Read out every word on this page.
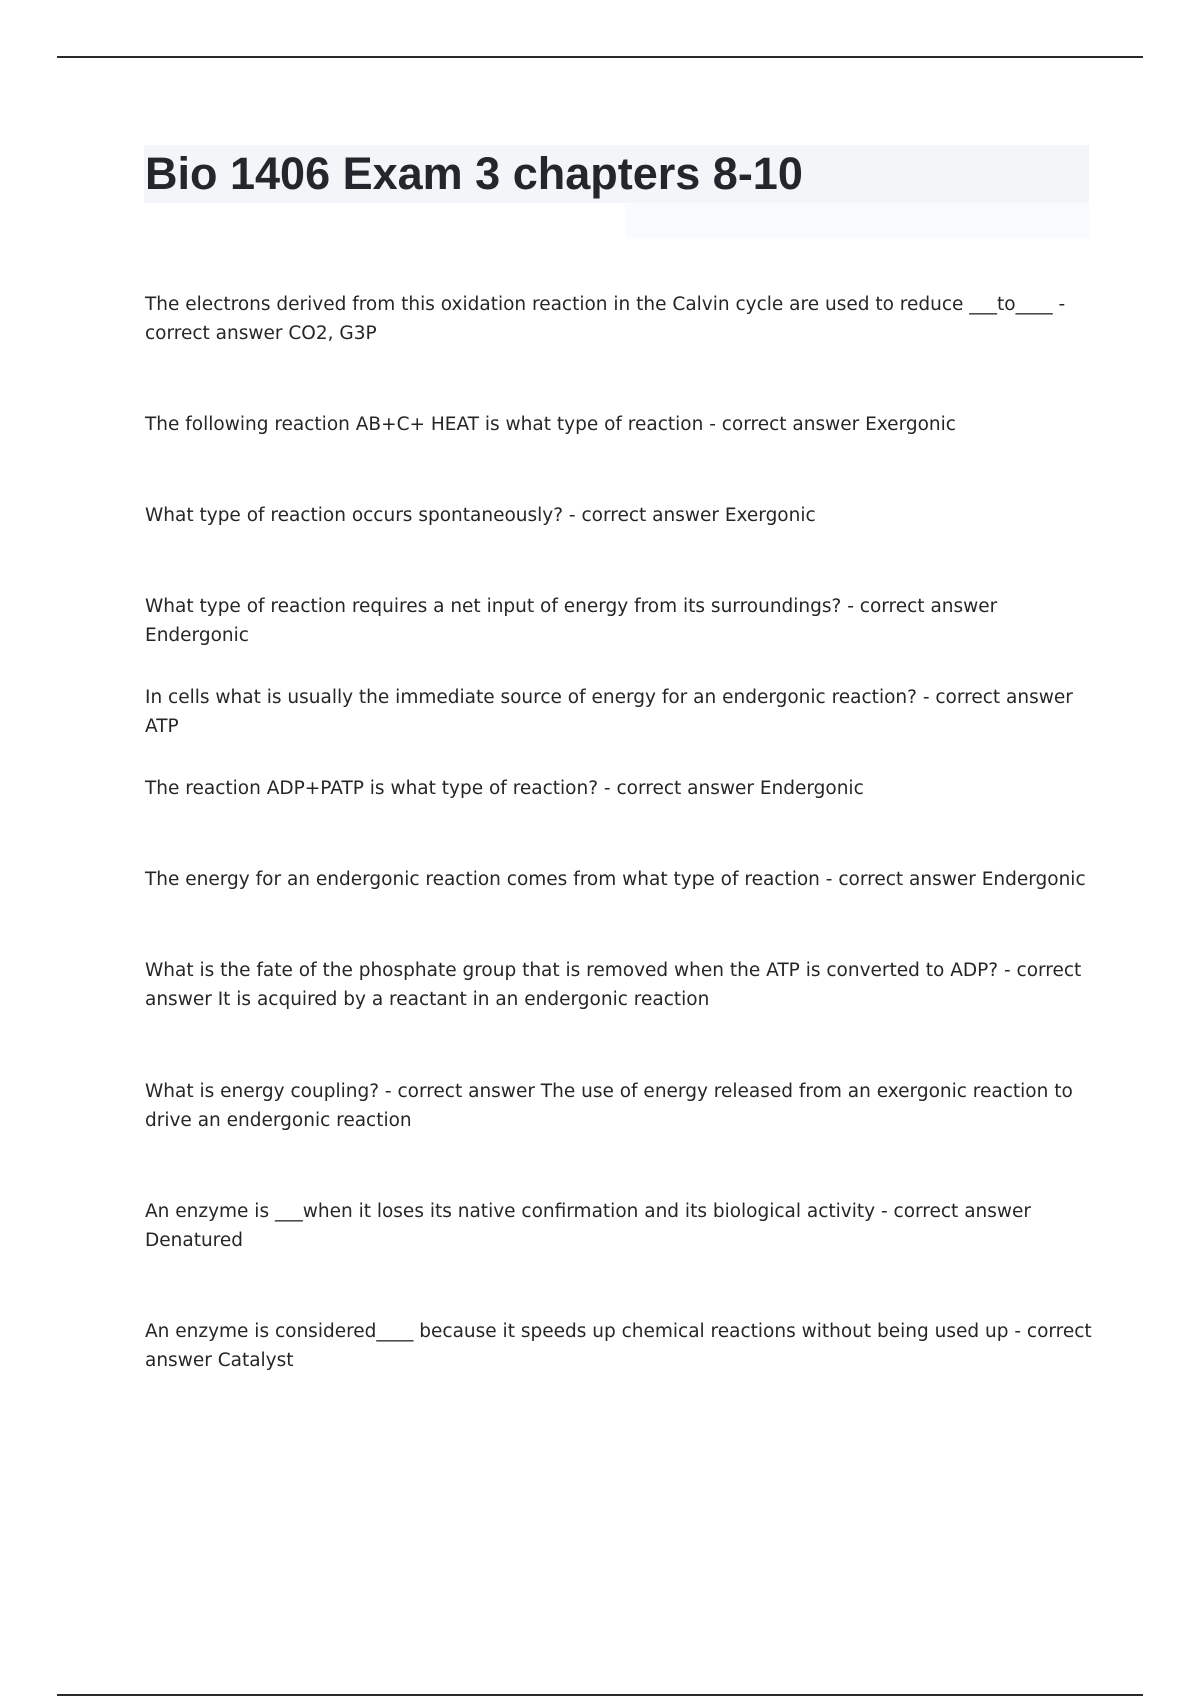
Bio 1406 Exam 3 chapters 8-10
The electrons derived from this oxidation reaction in the Calvin cycle are used to reduce ___to____ - correct answer CO2, G3P
The following reaction AB+C+ HEAT is what type of reaction - correct answer Exergonic
What type of reaction occurs spontaneously? - correct answer Exergonic
What type of reaction requires a net input of energy from its surroundings? - correct answer Endergonic
In cells what is usually the immediate source of energy for an endergonic reaction? - correct answer ATP
The reaction ADP+PATP is what type of reaction? - correct answer Endergonic
The energy for an endergonic reaction comes from what type of reaction - correct answer Endergonic
What is the fate of the phosphate group that is removed when the ATP is converted to ADP? - correct answer It is acquired by a reactant in an endergonic reaction
What is energy coupling? - correct answer The use of energy released from an exergonic reaction to drive an endergonic reaction
An enzyme is ___when it loses its native confirmation and its biological activity - correct answer Denatured
An enzyme is considered____ because it speeds up chemical reactions without being used up - correct answer Catalyst
